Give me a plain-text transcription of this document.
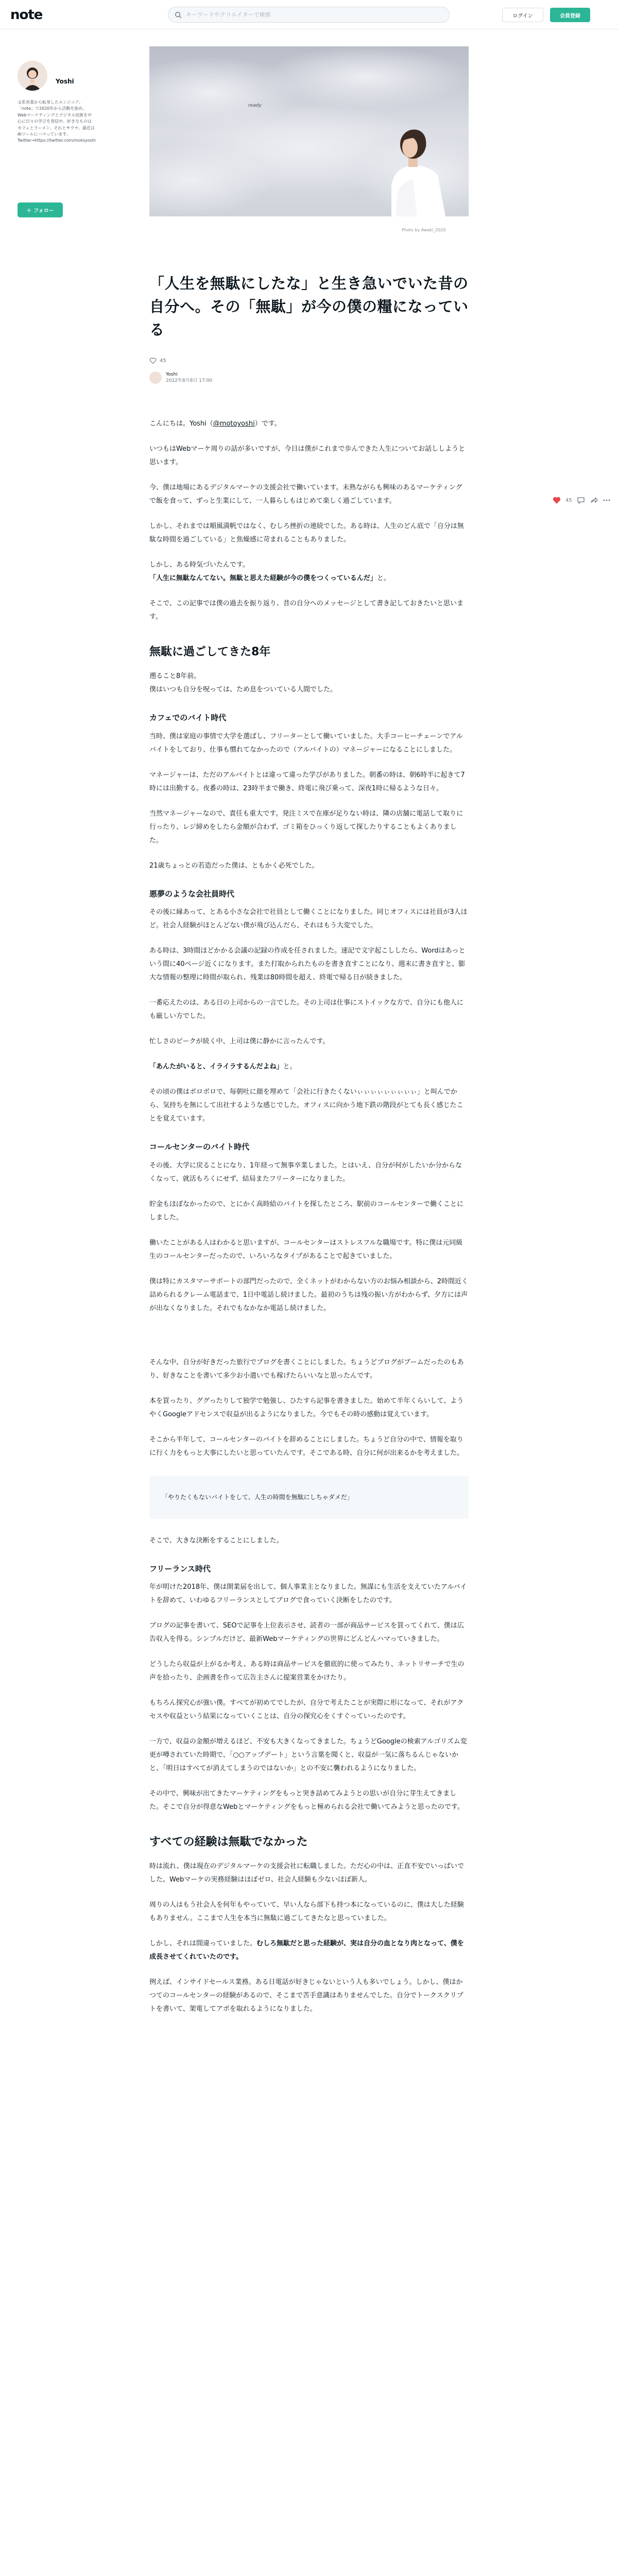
note
キーワードやクリエイターで検索	ログイン	会員登録
Yoshi
文系営業から転身したエンジニア。「note」で2020年から活動を始め、Webマーケティングとデジタル技術を中心に日々の学びを発信中。好きなものはカフェとラーメン、それとサウナ。最近はAIツールにハマっています。Twitter→https://twitter.com/motoyoshi
＋ フォロー
ready
Photo by Awaki_2020
「人生を無駄にしたな」と生き急いでいた昔の自分へ。その「無駄」が今の僕の糧になっている
45
Yoshi
2022年8月8日 17:00

こんにちは。Yoshi（@motoyoshi）です。

いつもはWebマーケ周りの話が多いですが、今日は僕がこれまで歩んできた人生についてお話ししようと思います。

今、僕は地場にあるデジタルマーケの支援会社で働いています。未熟ながらも興味のあるマーケティングで飯を食って、ずっと生業にして、一人暮らしもはじめて楽しく過ごしています。

しかし、それまでは順風満帆ではなく、むしろ挫折の連続でした。ある時は、人生のどん底で「自分は無駄な時間を過ごしている」と焦燥感に苛まれることもありました。

しかし、ある時気づいたんです。
「人生に無駄なんてない。無駄と思えた経験が今の僕をつくっているんだ」と。

そこで、この記事では僕の過去を振り返り、昔の自分へのメッセージとして書き記しておきたいと思います。

無駄に過ごしてきた8年

遡ること8年前。
僕はいつも自分を呪っては、ため息をついている人間でした。

カフェでのバイト時代

当時、僕は家庭の事情で大学を選ばし、フリーターとして働いていました。大手コーヒーチェーンでアルバイトをしており、仕事も慣れてなかったので（アルバイトの）マネージャーになることにしました。

マネージャーは、ただのアルバイトとは違って違った学びがありました。朝番の時は、朝6時半に起きて7時には出勤する。夜番の時は、23時半まで働き、終電に飛び乗って、深夜1時に帰るような日々。

当然マネージャーなので、責任も重大です。発注ミスで在庫が足りない時は、隣の店舗に電話して取りに行ったり、レジ締めをしたら金額が合わず、ゴミ箱をひっくり返して探したりすることもよくありました。

21歳ちょっとの若造だった僕は、ともかく必死でした。

悪夢のような会社員時代

その後に縁あって、とある小さな会社で社員として働くことになりました。同じオフィスには社員が3人ほど。社会人経験がほとんどない僕が飛び込んだら、それはもう大変でした。

ある時は、3時間ほどかかる会議の記録の作成を任されました。速記で文字起こししたら、Wordはあっという間に40ページ近くになります。また打取かられたものを書き直すことになり、週末に書き直すと、膨大な情報の整理に時間が取られ、残業は80時間を超え、終電で帰る日が続きました。

一番応えたのは、ある日の上司からの一言でした。その上司は仕事にストイックな方で、自分にも他人にも厳しい方でした。

忙しさのピークが続く中、上司は僕に静かに言ったんです。

「あんたがいると、イライラするんだよね」と。

その頃の僕はボロボロで、毎朝吐に顔を埋めて「会社に行きたくないぃぃぃぃぃぃぃぃぃ」と叫んでから、気持ちを無にして出社するような感じでした。オフィスに向かう地下鉄の階段がとても長く感じたことを覚えています。

コールセンターのバイト時代

その後、大学に戻ることになり、1年経って無事卒業しました。とはいえ、自分が何がしたいか分からなくなって、就活もろくにせず、結局またフリーターになりました。

貯金もほぼなかったので、とにかく高時給のバイトを探したところ、駅前のコールセンターで働くことにしました。

働いたことがある人はわかると思いますが、コールセンターはストレスフルな職場です。特に僕は元同級生のコールセンターだったので、いろいろなタイプがあることで起きていました。

僕は特にカスタマーサポートの部門だったので、全くネットがわからない方のお悩み相談から、2時間近く詰められるクレーム電話まで、1日中電話し続けました。最初のうちは残の振い方がわからず、夕方には声が出なくなりました。それでもなかなか電話し続けました。

そんな中、自分が好きだった旅行でブログを書くことにしました。ちょうどブログがブームだったのもあり、好きなことを書いて多少お小遣いでも稼げたらいいなと思ったんです。

本を買ったり、ググったりして独学で勉強し、ひたすら記事を書きました。始めて半年くらいして、ようやくGoogleアドセンスで収益が出るようになりました。今でもその時の感動は覚えています。

そこから半年して、コールセンターのバイトを辞めることにしました。ちょうど自分の中で、情報を取りに行く力をもっと大事にしたいと思っていたんです。そこである時、自分に何が出来るかを考えました。

「やりたくもないバイトをして、人生の時間を無駄にしちゃダメだ」

そこで、大きな決断をすることにしました。

フリーランス時代

年が明けた2018年、僕は開業届を出して、個人事業主となりました。無謀にも生活を支えていたアルバイトを辞めて、いわゆるフリーランスとしてブログで食っていく決断をしたのです。

ブログの記事を書いて、SEOで記事を上位表示させ、読者の一部が商品サービスを買ってくれて、僕は広告収入を得る。シンプルだけど、最新Webマーケティングの世界にどんどんハマっていきました。

どうしたら収益が上がるか考え、ある時は商品サービスを徹底的に使ってみたり、ネットリサーチで生の声を拾ったり、企画書を作って広告主さんに提案営業をかけたり。

もちろん探究心が強い僕。すべてが初めてでしたが、自分で考えたことが実際に形になって、それがアクセスや収益という結果になっていくことは、自分の探究心をくすぐっていったのです。

一方で、収益の金額が増えるほど、不安も大きくなってきました。ちょうどGoogleの検索アルゴリズム変更が噂されていた時期で、「○○アップデート」という言葉を聞くと、収益が一気に落ちるんじゃないかと、「明日はすべてが消えてしまうのではないか」との不安に襲われるようになりました。

その中で、興味が出てきたマーケティングをもっと突き詰めてみようとの思いが自分に芽生えてきました。そこで自分が得意なWebとマーケティングをもっと極められる会社で働いてみようと思ったのです。

すべての経験は無駄でなかった

時は流れ、僕は現在のデジタルマーケの支援会社に転職しました。ただ心の中は、正直不安でいっぱいでした。Webマーケの実務経験はほぼゼロ、社会人経験も少ないほぼ新人。

周りの人はもう社会人を何年もやっていて、早い人なら部下も持つ本になっているのに、僕は大した経験もありません。ここまで人生を本当に無駄に過ごしてきたなと思っていました。

しかし、それは間違っていました。むしろ無駄だと思った経験が、実は自分の血となり肉となって、僕を成長させてくれていたのです。

例えば、インサイドセールス業務。ある日電話が好きじゃないという人も多いでしょう。しかし、僕はかつてのコールセンターの経験があるので、そこまで苦手意識はありませんでした。自分でトークスクリプトを書いて、架電してアポを取れるようになりました。

45
